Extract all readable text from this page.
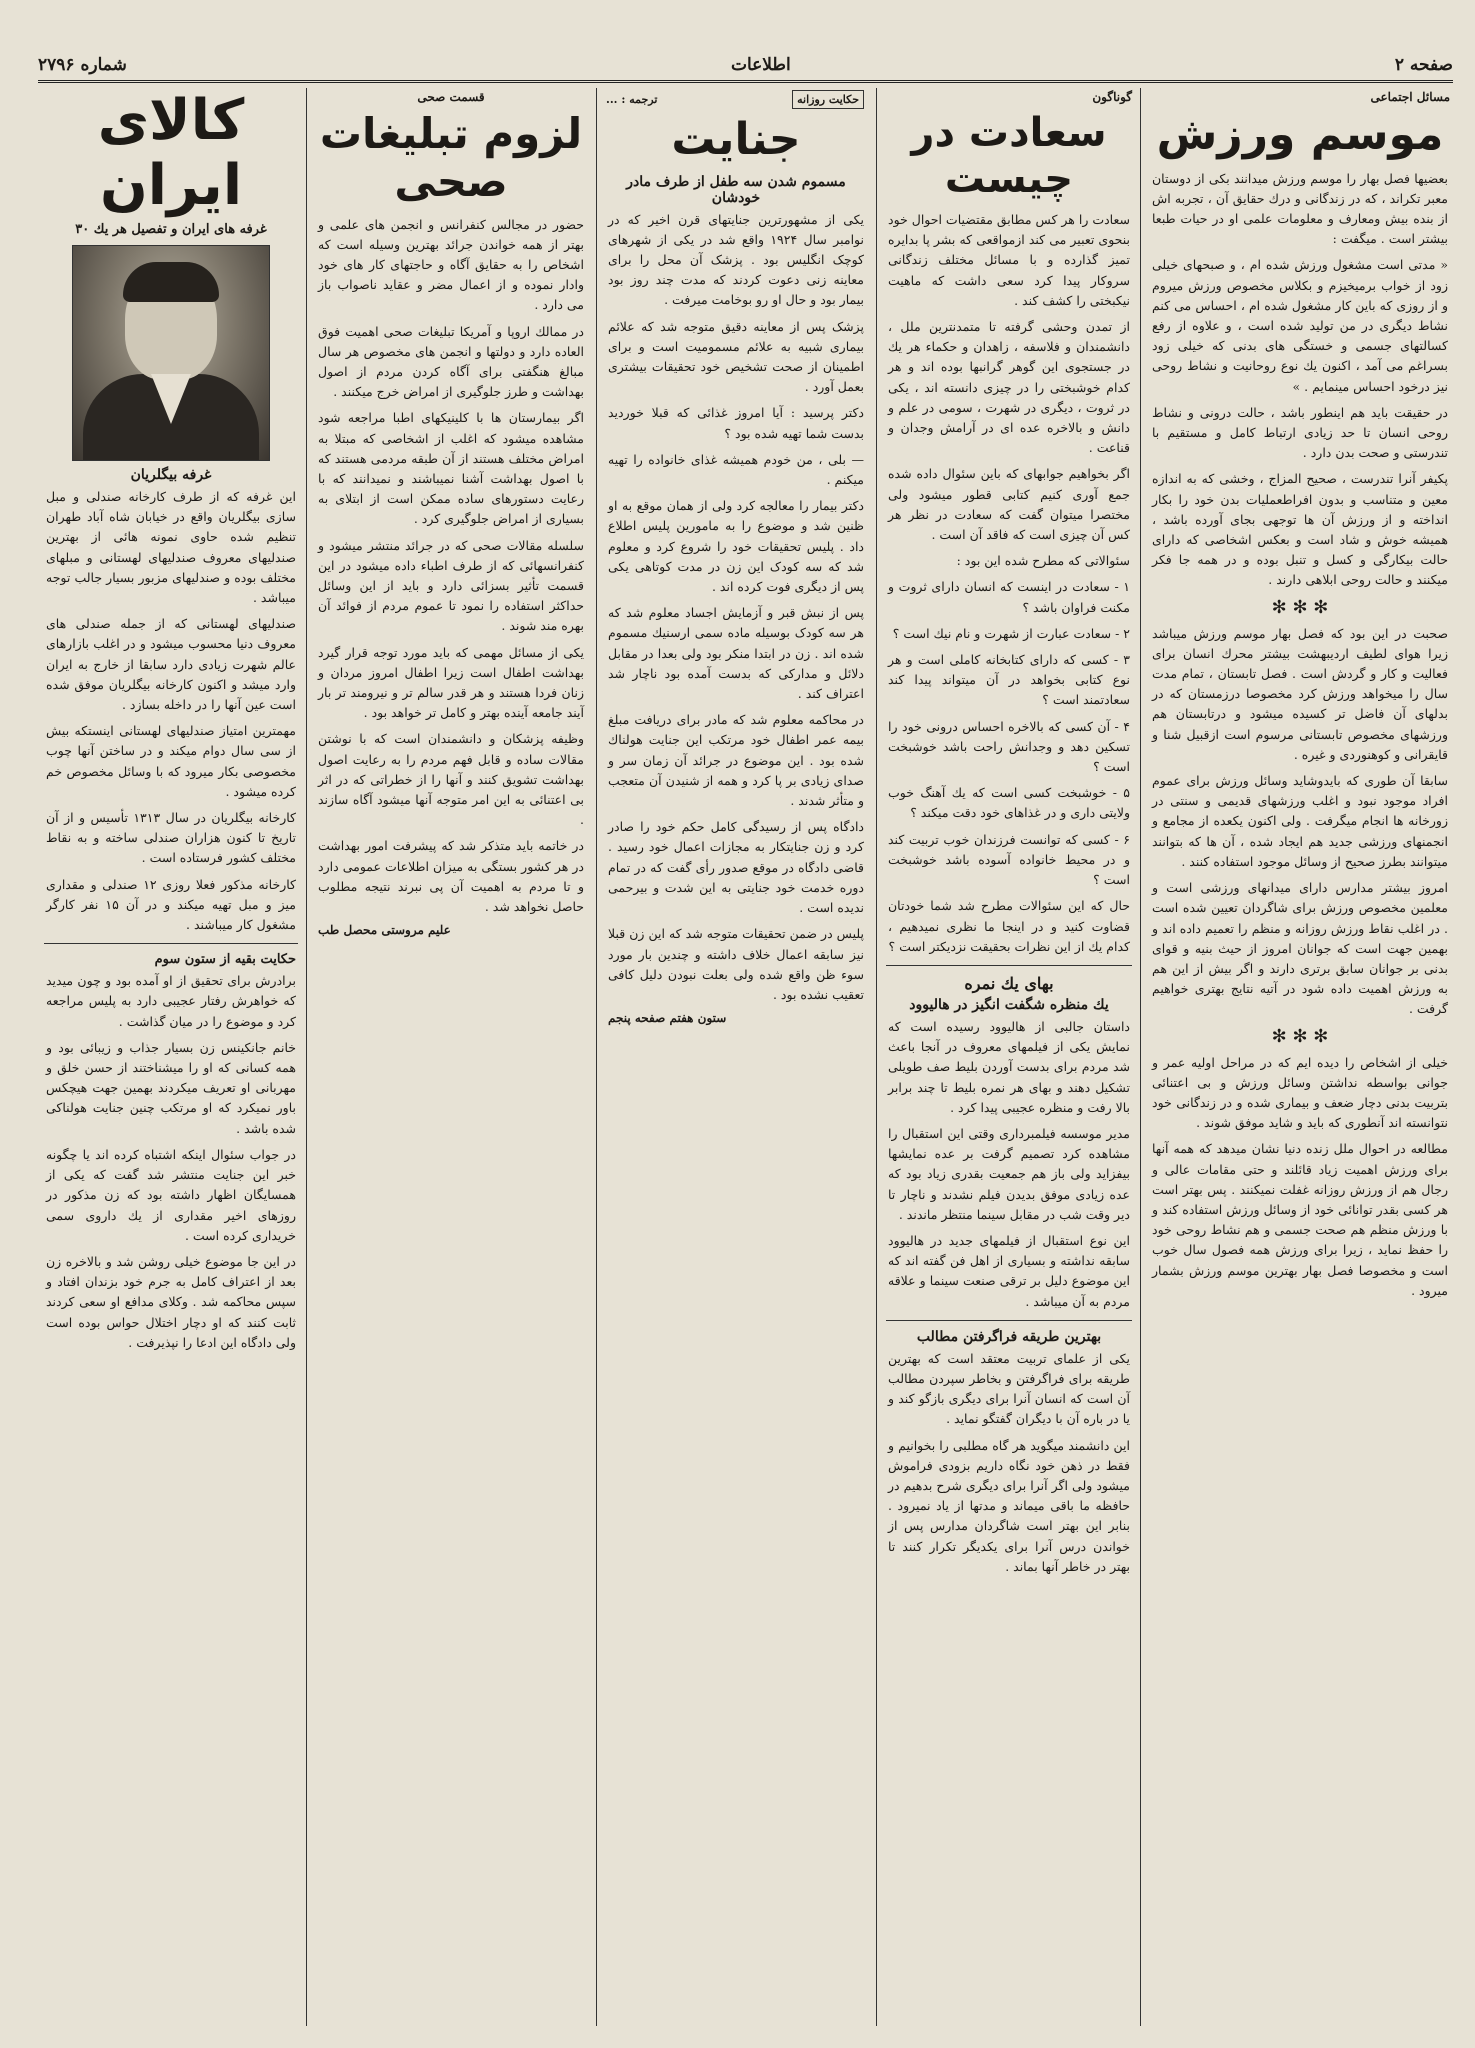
صفحه ۲
اطلاعات
شماره ۲۷۹۶
مسائل اجتماعی
موسم ورزش

بعضیها فصل بهار را موسم ورزش میدانند بکی از دوستان معبر تکراند ، که در زندگانی و درك حقایق آن ، تجربه اش از بنده بیش ومعارف و معلومات علمی او در حیات طبعا بیشتر است . میگفت :

« مدتی است مشغول ورزش شده ام ، و صبحهای خیلی زود از خواب برمیخیزم و بکلاس مخصوص ورزش میروم و از روزی که باین کار مشغول شده ام ، احساس می کنم نشاط دیگری در من تولید شده است ، و علاوه از رفع کسالتهای جسمی و خستگی های بدنی که خیلی زود بسراغم می آمد ، اکنون یك نوع روحانیت و نشاط روحی نیز درخود احساس مینمایم . »

در حقیقت باید هم اینطور باشد ، حالت درونی و نشاط روحی انسان تا حد زیادی ارتباط کامل و مستقیم با تندرستی و صحت بدن دارد .

پکیفر آنرا تندرست ، صحیح المزاج ، وخشی که به اندازه معین و متناسب و بدون افراطعملیات بدن خود را بکار انداخته و از ورزش آن ها توجهی بجای آورده باشد ، همیشه خوش و شاد است و بعکس اشخاصی که دارای حالت بیکارگی و کسل و تنبل بوده و در همه جا فکر میکنند و حالت روحی ابلاهی دارند .

✻ ✻ ✻

صحبت در این بود که فصل بهار موسم ورزش میباشد زیرا هوای لطیف اردیبهشت بیشتر محرك انسان برای فعالیت و کار و گردش است . فصل تابستان ، تمام مدت سال را میخواهد ورزش کرد مخصوصا درزمستان که در بدلهای آن فاضل تر کسیده میشود و درتابستان هم ورزشهای مخصوص تابستانی مرسوم است ازقبیل شنا و قایقرانی و کوهنوردی و غیره .

سابقا آن طوری که بایدوشاید وسائل ورزش برای عموم افراد موجود نبود و اغلب ورزشهای قدیمی و سنتی در زورخانه ها انجام میگرفت . ولی اکنون یکعده از مجامع و انجمنهای ورزشی جدید هم ایجاد شده ، آن ها که بتوانند میتوانند بطرز صحیح از وسائل موجود استفاده کنند .

امروز بیشتر مدارس دارای میدانهای ورزشی است و معلمین مخصوص ورزش برای شاگردان تعیین شده است . در اغلب نقاط ورزش روزانه و منظم را تعمیم داده اند و بهمین جهت است که جوانان امروز از حیث بنیه و قوای بدنی بر جوانان سابق برتری دارند و اگر بیش از این هم به ورزش اهمیت داده شود در آتیه نتایج بهتری خواهیم گرفت .

✻ ✻ ✻

خیلی از اشخاص را دیده ایم که در مراحل اولیه عمر و جوانی بواسطه نداشتن وسائل ورزش و بی اعتنائی بتربیت بدنی دچار ضعف و بیماری شده و در زندگانی خود نتوانسته اند آنطوری که باید و شاید موفق شوند .

مطالعه در احوال ملل زنده دنیا نشان میدهد که همه آنها برای ورزش اهمیت زیاد قائلند و حتی مقامات عالی و رجال هم از ورزش روزانه غفلت نمیکنند . پس بهتر است هر کسی بقدر توانائی خود از وسائل ورزش استفاده کند و با ورزش منظم هم صحت جسمی و هم نشاط روحی خود را حفظ نماید ، زیرا برای ورزش همه فصول سال خوب است و مخصوصا فصل بهار بهترین موسم ورزش بشمار میرود .

گوناگون
سعادت در چیست

سعادت را هر کس مطابق مقتضیات احوال خود بنحوی تعبیر می کند ازمواقعی که بشر پا بدایره تمیز گذارده و با مسائل مختلف زندگانی سروکار پیدا کرد سعی داشت که ماهیت نیکبختی را کشف کند .

از تمدن وحشی گرفته تا متمدنترین ملل ، دانشمندان و فلاسفه ، زاهدان و حکماء هر یك در جستجوی این گوهر گرانبها بوده اند و هر کدام خوشبختی را در چیزی دانسته اند ، یکی در ثروت ، دیگری در شهرت ، سومی در علم و دانش و بالاخره عده ای در آرامش وجدان و قناعت .

اگر بخواهیم جوابهای که باین سئوال داده شده جمع آوری کنیم کتابی قطور میشود ولی مختصرا میتوان گفت که سعادت در نظر هر کس آن چیزی است که فاقد آن است .

سئوالاتی که مطرح شده این بود :

۱ - سعادت در اینست که انسان دارای ثروت و مکنت فراوان باشد ؟

۲ - سعادت عبارت از شهرت و نام نیك است ؟

۳ - کسی که دارای کتابخانه کاملی است و هر نوع کتابی بخواهد در آن میتواند پیدا کند سعادتمند است ؟

۴ - آن کسی که بالاخره احساس درونی خود را تسکین دهد و وجدانش راحت باشد خوشبخت است ؟

۵ - خوشبخت کسی است که یك آهنگ خوب ولایتی داری و در غذاهای خود دقت میکند ؟

۶ - کسی که توانست فرزندان خوب تربیت کند و در محیط خانواده آسوده باشد خوشبخت است ؟

حال که این سئوالات مطرح شد شما خودتان قضاوت کنید و در اینجا ما نظری نمیدهیم ، کدام یك از این نظرات بحقیقت نزدیکتر است ؟

بهای یك نمره
یك منظره شگفت انگیز در هالیوود

داستان جالبی از هالیوود رسیده است که نمایش یکی از فیلمهای معروف در آنجا باعث شد مردم برای بدست آوردن بلیط صف طویلی تشکیل دهند و بهای هر نمره بلیط تا چند برابر بالا رفت و منظره عجیبی پیدا کرد .

مدیر موسسه فیلمبرداری وقتی این استقبال را مشاهده کرد تصمیم گرفت بر عده نمایشها بیفزاید ولی باز هم جمعیت بقدری زیاد بود که عده زیادی موفق بدیدن فیلم نشدند و ناچار تا دیر وقت شب در مقابل سینما منتظر ماندند .

این نوع استقبال از فیلمهای جدید در هالیوود سابقه نداشته و بسیاری از اهل فن گفته اند که این موضوع دلیل بر ترقی صنعت سینما و علاقه مردم به آن میباشد .

بهترین طریقه فراگرفتن مطالب

یکی از علمای تربیت معتقد است که بهترین طریقه برای فراگرفتن و بخاطر سپردن مطالب آن است که انسان آنرا برای دیگری بازگو کند و یا در باره آن با دیگران گفتگو نماید .

این دانشمند میگوید هر گاه مطلبی را بخوانیم و فقط در ذهن خود نگاه داریم بزودی فراموش میشود ولی اگر آنرا برای دیگری شرح بدهیم در حافظه ما باقی میماند و مدتها از یاد نمیرود . بنابر این بهتر است شاگردان مدارس پس از خواندن درس آنرا برای یکدیگر تکرار کنند تا بهتر در خاطر آنها بماند .

حکایت روزانه
ترجمه : ...
جنایت
مسموم شدن سه طفل از طرف مادر خودشان

یکی از مشهورترین جنایتهای قرن اخیر که در نوامبر سال ۱۹۲۴ واقع شد در یکی از شهرهای کوچک انگلیس بود . پزشک آن محل را برای معاینه زنی دعوت کردند که مدت چند روز بود بیمار بود و حال او رو بوخامت میرفت .

پزشک پس از معاینه دقیق متوجه شد که علائم بیماری شبیه به علائم مسمومیت است و برای اطمینان از صحت تشخیص خود تحقیقات بیشتری بعمل آورد .

دکتر پرسید : آیا امروز غذائی که قبلا خوردید بدست شما تهیه شده بود ؟

— بلی ، من خودم همیشه غذای خانواده را تهیه میکنم .

دکتر بیمار را معالجه کرد ولی از همان موقع به او ظنین شد و موضوع را به مامورین پلیس اطلاع داد . پلیس تحقیقات خود را شروع کرد و معلوم شد که سه کودک این زن در مدت کوتاهی یکی پس از دیگری فوت کرده اند .

پس از نبش قبر و آزمایش اجساد معلوم شد که هر سه کودک بوسیله ماده سمی ارسنیك مسموم شده اند . زن در ابتدا منکر بود ولی بعدا در مقابل دلائل و مدارکی که بدست آمده بود ناچار شد اعتراف کند .

در محاکمه معلوم شد که مادر برای دریافت مبلغ بیمه عمر اطفال خود مرتکب این جنایت هولناك شده بود . این موضوع در جرائد آن زمان سر و صدای زیادی بر پا کرد و همه از شنیدن آن متعجب و متأثر شدند .

دادگاه پس از رسیدگی کامل حکم خود را صادر کرد و زن جنایتکار به مجازات اعمال خود رسید . قاضی دادگاه در موقع صدور رأی گفت که در تمام دوره خدمت خود جنایتی به این شدت و بیرحمی ندیده است .

پلیس در ضمن تحقیقات متوجه شد که این زن قبلا نیز سابقه اعمال خلاف داشته و چندین بار مورد سوء ظن واقع شده ولی بعلت نبودن دلیل کافی تعقیب نشده بود .

ستون هفتم صفحه پنجم
قسمت صحی
لزوم تبلیغات صحی

حضور در مجالس کنفرانس و انجمن های علمی و بهتر از همه خواندن جرائد بهترین وسیله است که اشخاص را به حقایق آگاه و حاجتهای کار های خود وادار نموده و از اعمال مضر و عقاید ناصواب باز می دارد .

در ممالك اروپا و آمریکا تبلیغات صحی اهمیت فوق العاده دارد و دولتها و انجمن های مخصوص هر سال مبالغ هنگفتی برای آگاه کردن مردم از اصول بهداشت و طرز جلوگیری از امراض خرج میکنند .

اگر بیمارستان ها با کلینیکهای اطبا مراجعه شود مشاهده میشود که اغلب از اشخاصی که مبتلا به امراض مختلف هستند از آن طبقه مردمی هستند که با اصول بهداشت آشنا نمیباشند و نمیدانند که با رعایت دستورهای ساده ممکن است از ابتلای به بسیاری از امراض جلوگیری کرد .

سلسله مقالات صحی که در جرائد منتشر میشود و کنفرانسهائی که از طرف اطباء داده میشود در این قسمت تأثیر بسزائی دارد و باید از این وسائل حداکثر استفاده را نمود تا عموم مردم از فوائد آن بهره مند شوند .

یکی از مسائل مهمی که باید مورد توجه قرار گیرد بهداشت اطفال است زیرا اطفال امروز مردان و زنان فردا هستند و هر قدر سالم تر و نیرومند تر بار آیند جامعه آینده بهتر و کامل تر خواهد بود .

وظیفه پزشکان و دانشمندان است که با نوشتن مقالات ساده و قابل فهم مردم را به رعایت اصول بهداشت تشویق کنند و آنها را از خطراتی که در اثر بی اعتنائی به این امر متوجه آنها میشود آگاه سازند .

در خاتمه باید متذکر شد که پیشرفت امور بهداشت در هر کشور بستگی به میزان اطلاعات عمومی دارد و تا مردم به اهمیت آن پی نبرند نتیجه مطلوب حاصل نخواهد شد .

علیم مروستی محصل طب
کالای ایران
غرفه های ایران و تفصیل هر یك ۳۰
غرفه بیگلریان

این غرفه که از طرف کارخانه صندلی و مبل سازی بیگلریان واقع در خیابان شاه آباد طهران تنظیم شده حاوی نمونه هائی از بهترین صندلیهای معروف صندلیهای لهستانی و مبلهای مختلف بوده و صندلیهای مزبور بسیار جالب توجه میباشد .

صندلیهای لهستانی که از جمله صندلی های معروف دنیا محسوب میشود و در اغلب بازارهای عالم شهرت زیادی دارد سابقا از خارج به ایران وارد میشد و اکنون کارخانه بیگلریان موفق شده است عین آنها را در داخله بسازد .

مهمترین امتیاز صندلیهای لهستانی اینستکه بیش از سی سال دوام میکند و در ساختن آنها چوب مخصوصی بکار میرود که با وسائل مخصوص خم کرده میشود .

کارخانه بیگلریان در سال ۱۳۱۳ تأسیس و از آن تاریخ تا کنون هزاران صندلی ساخته و به نقاط مختلف کشور فرستاده است .

کارخانه مذکور فعلا روزی ۱۲ صندلی و مقداری میز و مبل تهیه میکند و در آن ۱۵ نفر کارگر مشغول کار میباشند .

حکایت بقیه از ستون سوم

برادرش برای تحقیق از او آمده بود و چون میدید که خواهرش رفتار عجیبی دارد به پلیس مراجعه کرد و موضوع را در میان گذاشت .

خانم جانکینس زن بسیار جذاب و زیبائی بود و همه کسانی که او را میشناختند از حسن خلق و مهربانی او تعریف میکردند بهمین جهت هیچکس باور نمیکرد که او مرتکب چنین جنایت هولناکی شده باشد .

در جواب سئوال اینکه اشتباه کرده اند یا چگونه خبر این جنایت منتشر شد گفت که یکی از همسایگان اظهار داشته بود که زن مذکور در روزهای اخیر مقداری از یك داروی سمی خریداری کرده است .

در این جا موضوع خیلی روشن شد و بالاخره زن بعد از اعتراف کامل به جرم خود بزندان افتاد و سپس محاکمه شد . وکلای مدافع او سعی کردند ثابت کنند که او دچار اختلال حواس بوده است ولی دادگاه این ادعا را نپذیرفت .
